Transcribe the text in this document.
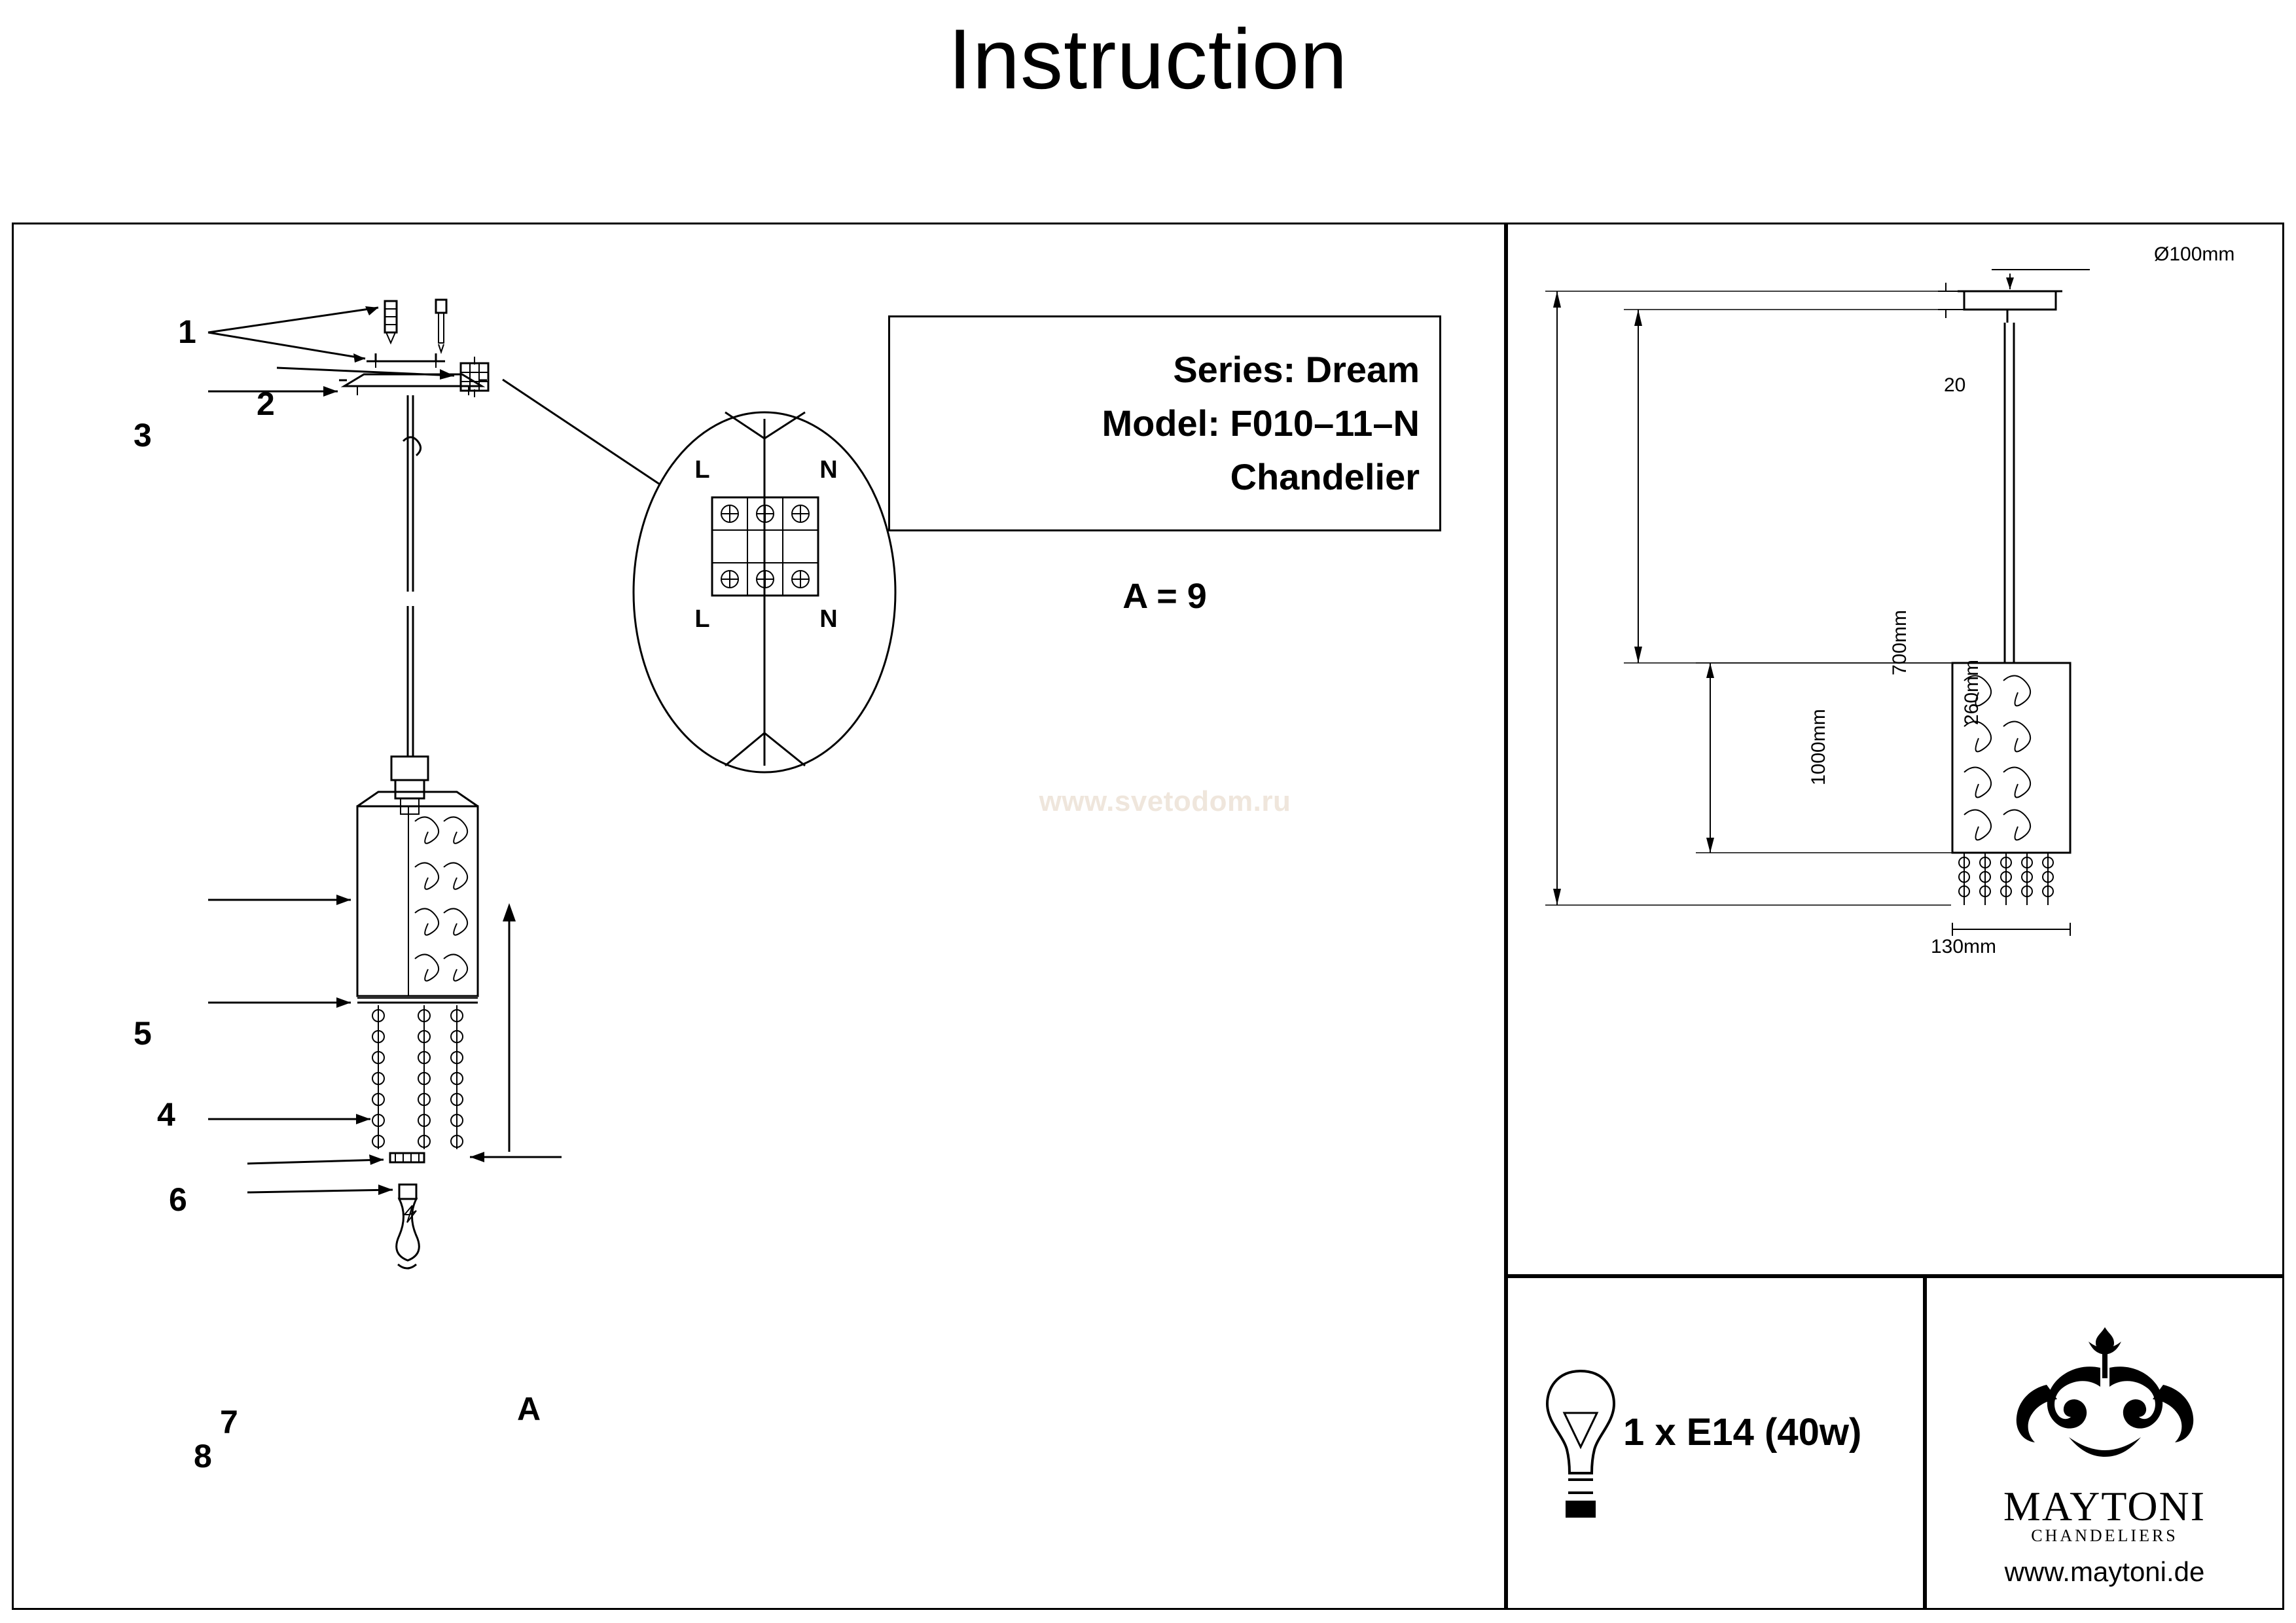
Instruction
Series: Dream
Model: F010–11–N
Chandelier
A = 9
www.svetodom.ru
L	N
L	N
1
2
3
4
5
6
7
8
A
Ø100mm
20
1000mm
700mm
260mm
130mm
1 x E14 (40w)
MAYTONI
CHANDELIERS
www.maytoni.de
